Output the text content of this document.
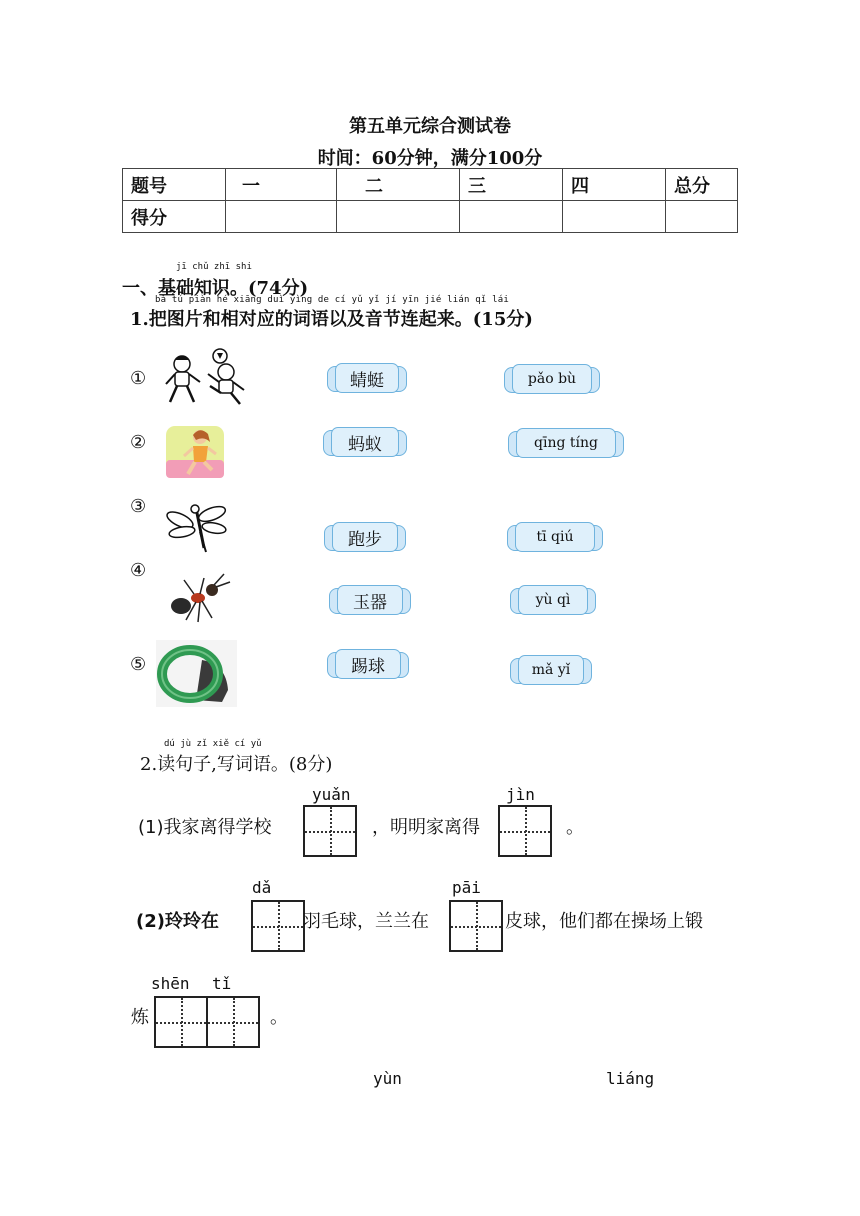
第五单元综合测试卷
时间：60分钟，满分100分
题号	一	二	三	四	总分
得分					
jī chǔ zhī shi
一、基础知识。(74分)
bǎ tú piàn hé xiāng duì yìng de cí yǔ yǐ jí yīn jié lián qǐ lái
1.把图片和相对应的词语以及音节连起来。(15分)
①
②
③
④
⑤
蜻蜓
蚂蚁
跑步
玉器
踢球
pǎo bù
qīng tíng
tī qiú
yù qì
mǎ yǐ
dú jù zǐ xiě cí yǔ
2.读句子,写词语。(8分)
yuǎn	jìn
(1)我家离得学校	，明明家离得	。
dǎ	pāi
(2)玲玲在	羽毛球，兰兰在	皮球，他们都在操场上锻
shēn tǐ
炼	。
yùn	liáng
